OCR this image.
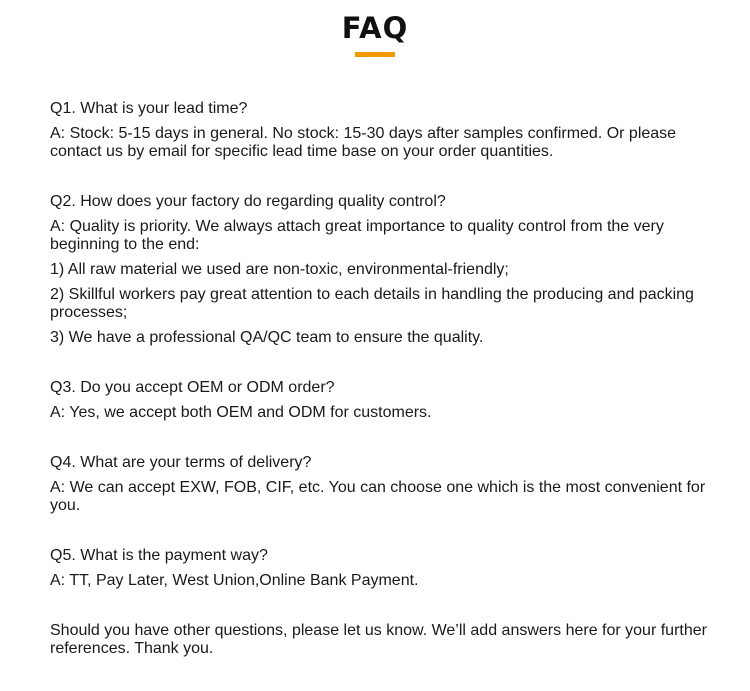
FAQ

Q1. What is your lead time?

A: Stock: 5-15 days in general. No stock: 15-30 days after samples confirmed. Or please contact us by email for specific lead time base on your order quantities.

Q2. How does your factory do regarding quality control?

A: Quality is priority. We always attach great importance to quality control from the very beginning to the end:

1) All raw material we used are non-toxic, environmental-friendly;

2) Skillful workers pay great attention to each details in handling the producing and packing processes;

3) We have a professional QA/QC team to ensure the quality.

Q3. Do you accept OEM or ODM order?

A: Yes, we accept both OEM and ODM for customers.

Q4. What are your terms of delivery?

A: We can accept EXW, FOB, CIF, etc. You can choose one which is the most convenient for you.

Q5. What is the payment way?

A: TT, Pay Later, West Union,Online Bank Payment.

Should you have other questions, please let us know. We’ll add answers here for your further references. Thank you.
